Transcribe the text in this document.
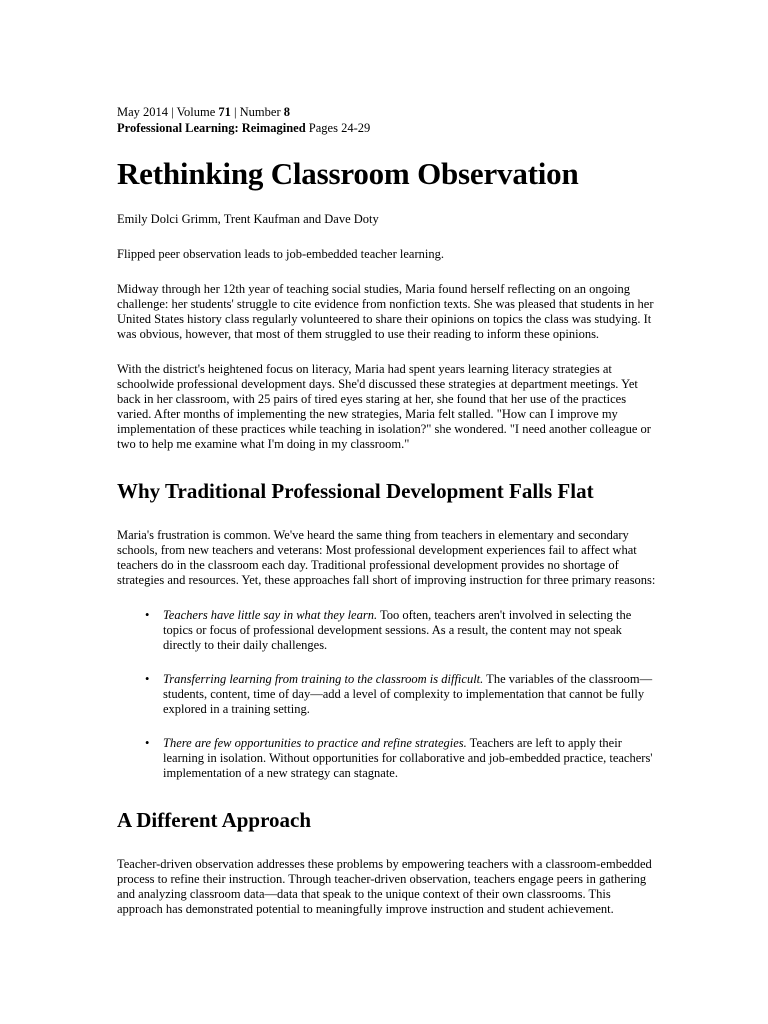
May 2014 | Volume 71 | Number 8
Professional Learning: Reimagined Pages 24-29
Rethinking Classroom Observation

Emily Dolci Grimm, Trent Kaufman and Dave Doty

Flipped peer observation leads to job-embedded teacher learning.

Midway through her 12th year of teaching social studies, Maria found herself reflecting on an ongoing challenge: her students' struggle to cite evidence from nonfiction texts. She was pleased that students in her United States history class regularly volunteered to share their opinions on topics the class was studying. It was obvious, however, that most of them struggled to use their reading to inform these opinions.

With the district's heightened focus on literacy, Maria had spent years learning literacy strategies at schoolwide professional development days. She'd discussed these strategies at department meetings. Yet back in her classroom, with 25 pairs of tired eyes staring at her, she found that her use of the practices varied. After months of implementing the new strategies, Maria felt stalled. "How can I improve my implementation of these practices while teaching in isolation?" she wondered. "I need another colleague or two to help me examine what I'm doing in my classroom."

Why Traditional Professional Development Falls Flat

Maria's frustration is common. We've heard the same thing from teachers in elementary and secondary schools, from new teachers and veterans: Most professional development experiences fail to affect what teachers do in the classroom each day. Traditional professional development provides no shortage of strategies and resources. Yet, these approaches fall short of improving instruction for three primary reasons:

• Teachers have little say in what they learn. Too often, teachers aren't involved in selecting the topics or focus of professional development sessions. As a result, the content may not speak directly to their daily challenges.
• Transferring learning from training to the classroom is difficult. The variables of the classroom—students, content, time of day—add a level of complexity to implementation that cannot be fully explored in a training setting.
• There are few opportunities to practice and refine strategies. Teachers are left to apply their learning in isolation. Without opportunities for collaborative and job-embedded practice, teachers' implementation of a new strategy can stagnate.
A Different Approach

Teacher-driven observation addresses these problems by empowering teachers with a classroom-embedded process to refine their instruction. Through teacher-driven observation, teachers engage peers in gathering and analyzing classroom data—data that speak to the unique context of their own classrooms. This approach has demonstrated potential to meaningfully improve instruction and student achievement.
